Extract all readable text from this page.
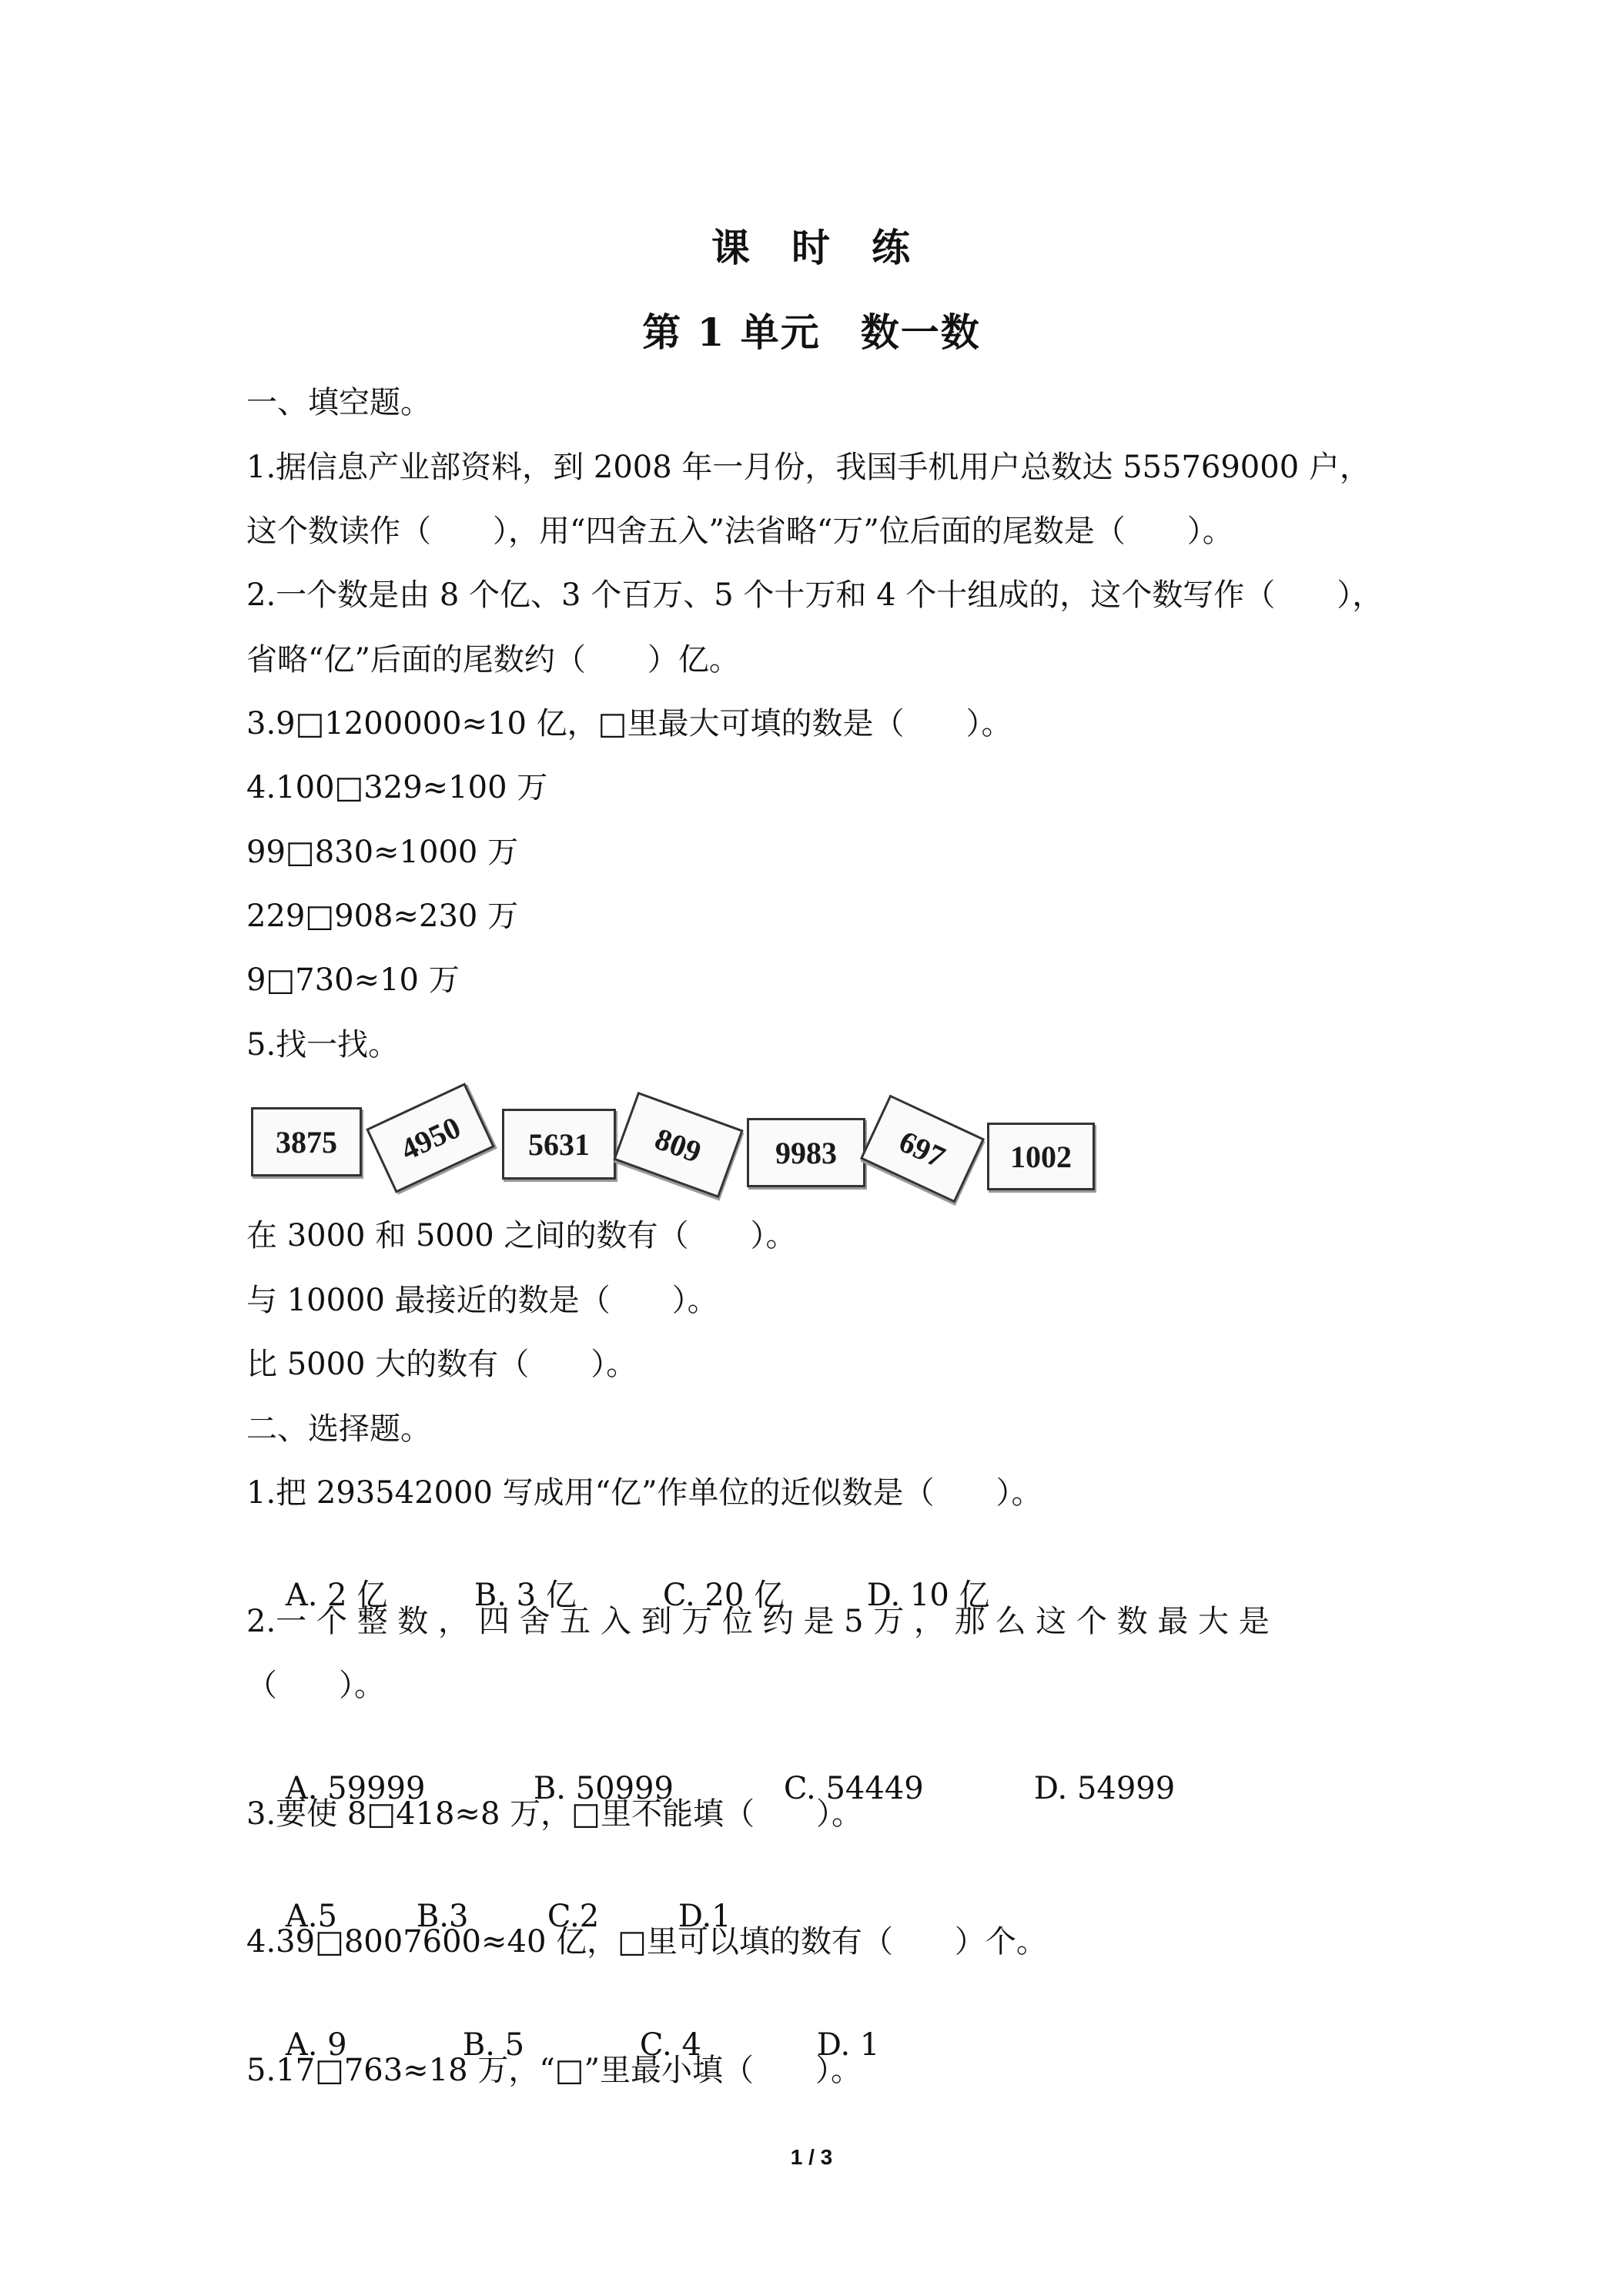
课　时　练
第 1 单元　数一数
一、填空题。
1.据信息产业部资料，到 2008 年一月份，我国手机用户总数达 555769000 户，
这个数读作（　　），用“四舍五入”法省略“万”位后面的尾数是（　　）。
2.一个数是由 8 个亿、3 个百万、5 个十万和 4 个十组成的，这个数写作（　　），
省略“亿”后面的尾数约（　　）亿。
3.9□1200000≈10 亿，□里最大可填的数是（　　）。
4.100□329≈100 万
99□830≈1000 万
229□908≈230 万
9□730≈10 万
5.找一找。
3875	4950	5631	809	9983	697	1002
在 3000 和 5000 之间的数有（　　）。
与 10000 最接近的数是（　　）。
比 5000 大的数有（　　）。
二、选择题。
1.把 293542000 写成用“亿”作单位的近似数是（　　）。

A. 2 亿	B. 3 亿	C. 20 亿	D. 10 亿

2.一 个 整 数 ， 四 舍 五 入 到 万 位 约 是 5 万 ， 那 么 这 个 数 最 大 是
（　　）。

A. 59999	B. 50999	C. 54449	D. 54999

3.要使 8□418≈8 万，□里不能填（　　）。

A.5	B.3	C.2	D.1

4.39□8007600≈40 亿，□里可以填的数有（　　）个。

A. 9	B. 5	C. 4	D. 1

5.17□763≈18 万，“□”里最小填（　　）。
1 / 3
